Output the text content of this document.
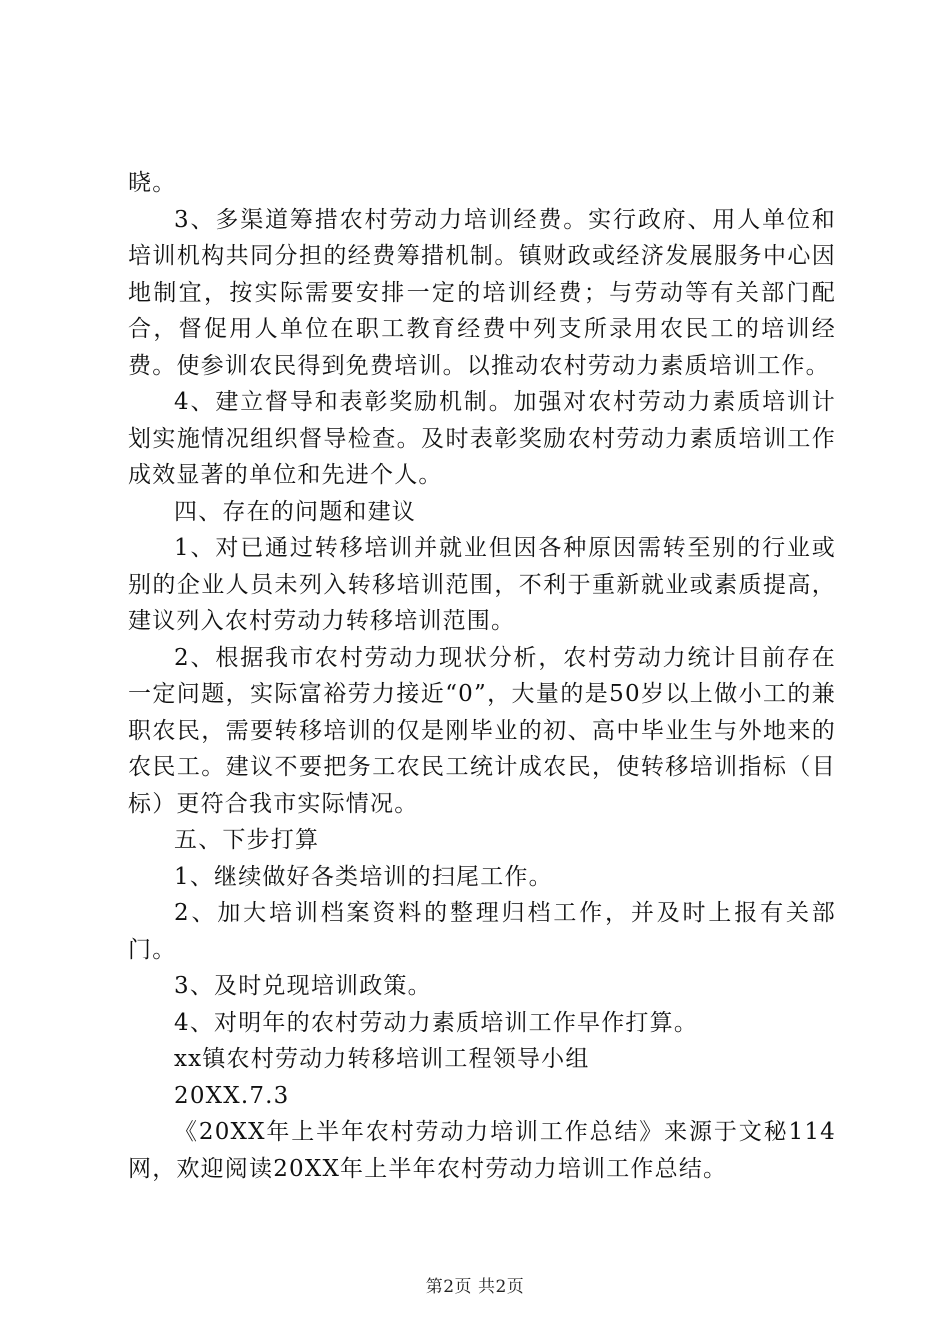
晓。

3、多渠道筹措农村劳动力培训经费。实行政府、用人单位和培训机构共同分担的经费筹措机制。镇财政或经济发展服务中心因地制宜，按实际需要安排一定的培训经费；与劳动等有关部门配合，督促用人单位在职工教育经费中列支所录用农民工的培训经费。使参训农民得到免费培训。以推动农村劳动力素质培训工作。

4、建立督导和表彰奖励机制。加强对农村劳动力素质培训计划实施情况组织督导检查。及时表彰奖励农村劳动力素质培训工作成效显著的单位和先进个人。

四、存在的问题和建议

1、对已通过转移培训并就业但因各种原因需转至别的行业或别的企业人员未列入转移培训范围，不利于重新就业或素质提高，建议列入农村劳动力转移培训范围。

2、根据我市农村劳动力现状分析，农村劳动力统计目前存在一定问题，实际富裕劳力接近“0”，大量的是50岁以上做小工的兼职农民，需要转移培训的仅是刚毕业的初、高中毕业生与外地来的农民工。建议不要把务工农民工统计成农民，使转移培训指标（目标）更符合我市实际情况。

五、下步打算

1、继续做好各类培训的扫尾工作。

2、加大培训档案资料的整理归档工作，并及时上报有关部门。

3、及时兑现培训政策。

4、对明年的农村劳动力素质培训工作早作打算。

xx镇农村劳动力转移培训工程领导小组

20XX.7.3

《20XX年上半年农村劳动力培训工作总结》来源于文秘114网，欢迎阅读20XX年上半年农村劳动力培训工作总结。

第2页 共2页
